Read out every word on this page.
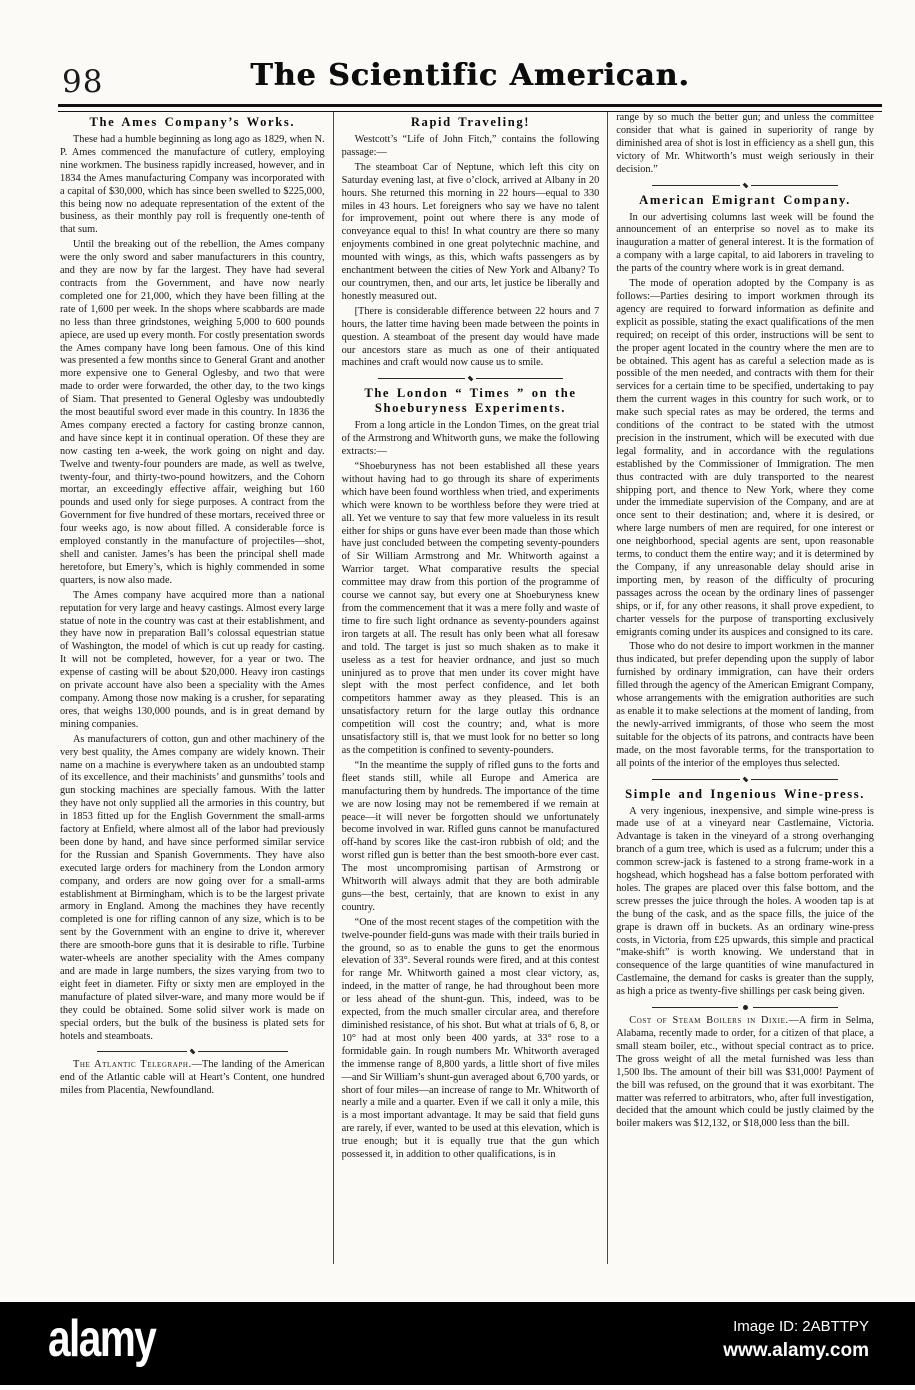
98	The Scientific American.
The Ames Company’s Works.

These had a humble beginning as long ago as 1829, when N. P. Ames commenced the manufacture of cutlery, employing nine workmen. The business rapidly increased, however, and in 1834 the Ames manufacturing Company was incorporated with a capital of $30,000, which has since been swelled to $225,000, this being now no adequate representation of the extent of the business, as their monthly pay roll is frequently one-tenth of that sum.

Until the breaking out of the rebellion, the Ames company were the only sword and saber manufacturers in this country, and they are now by far the largest. They have had several contracts from the Government, and have now nearly completed one for 21,000, which they have been filling at the rate of 1,600 per week. In the shops where scabbards are made no less than three grindstones, weighing 5,000 to 600 pounds apiece, are used up every month. For costly presentation swords the Ames company have long been famous. One of this kind was presented a few months since to General Grant and another more expensive one to General Oglesby, and two that were made to order were forwarded, the other day, to the two kings of Siam. That presented to General Oglesby was undoubtedly the most beautiful sword ever made in this country. In 1836 the Ames company erected a factory for casting bronze cannon, and have since kept it in continual operation. Of these they are now casting ten a-week, the work going on night and day. Twelve and twenty-four pounders are made, as well as twelve, twenty-four, and thirty-two-pound howitzers, and the Cohorn mortar, an exceedingly effective affair, weighing but 160 pounds and used only for siege purposes. A contract from the Government for five hundred of these mortars, received three or four weeks ago, is now about filled. A considerable force is employed constantly in the manufacture of projectiles—shot, shell and canister. James’s has been the principal shell made heretofore, but Emery’s, which is highly commended in some quarters, is now also made.

The Ames company have acquired more than a national reputation for very large and heavy castings. Almost every large statue of note in the country was cast at their establishment, and they have now in preparation Ball’s colossal equestrian statue of Washington, the model of which is cut up ready for casting. It will not be completed, however, for a year or two. The expense of casting will be about $20,000. Heavy iron castings on private account have also been a speciality with the Ames company. Among those now making is a crusher, for separating ores, that weighs 130,000 pounds, and is in great demand by mining companies.

As manufacturers of cotton, gun and other machinery of the very best quality, the Ames company are widely known. Their name on a machine is everywhere taken as an undoubted stamp of its excellence, and their machinists’ and gunsmiths’ tools and gun stocking machines are specially famous. With the latter they have not only supplied all the armories in this country, but in 1853 fitted up for the English Government the small-arms factory at Enfield, where almost all of the labor had previously been done by hand, and have since performed similar service for the Russian and Spanish Governments. They have also executed large orders for machinery from the London armory company, and orders are now going over for a small-arms establishment at Birmingham, which is to be the largest private armory in England. Among the machines they have recently completed is one for rifling cannon of any size, which is to be sent by the Government with an engine to drive it, wherever there are smooth-bore guns that it is desirable to rifle. Turbine water-wheels are another speciality with the Ames company and are made in large numbers, the sizes varying from two to eight feet in diameter. Fifty or sixty men are employed in the manufacture of plated silver-ware, and many more would be if they could be obtained. Some solid silver work is made on special orders, but the bulk of the business is plated sets for hotels and steamboats.

The Atlantic Telegraph.—The landing of the American end of the Atlantic cable will at Heart’s Content, one hundred miles from Placentia, Newfoundland.

Rapid Traveling!

Westcott’s “Life of John Fitch,” contains the following passage:—

The steamboat Car of Neptune, which left this city on Saturday evening last, at five o’clock, arrived at Albany in 20 hours. She returned this morning in 22 hours—equal to 330 miles in 43 hours. Let foreigners who say we have no talent for improvement, point out where there is any mode of conveyance equal to this! In what country are there so many enjoyments combined in one great polytechnic machine, and mounted with wings, as this, which wafts passengers as by enchantment between the cities of New York and Albany? To our countrymen, then, and our arts, let justice be liberally and honestly measured out.

[There is considerable difference between 22 hours and 7 hours, the latter time having been made between the points in question. A steamboat of the present day would have made our ancestors stare as much as one of their antiquated machines and craft would now cause us to smile.

The London “ Times ” on the Shoeburyness Experiments.

From a long article in the London Times, on the great trial of the Armstrong and Whitworth guns, we make the following extracts:—

“Shoeburyness has not been established all these years without having had to go through its share of experiments which have been found worthless when tried, and experiments which were known to be worthless before they were tried at all. Yet we venture to say that few more valueless in its result either for ships or guns have ever been made than those which have just concluded between the competing seventy-pounders of Sir William Armstrong and Mr. Whitworth against a Warrior target. What comparative results the special committee may draw from this portion of the programme of course we cannot say, but every one at Shoeburyness knew from the commencement that it was a mere folly and waste of time to fire such light ordnance as seventy-pounders against iron targets at all. The result has only been what all foresaw and told. The target is just so much shaken as to make it useless as a test for heavier ordnance, and just so much uninjured as to prove that men under its cover might have slept with the most perfect confidence, and let both competitors hammer away as they pleased. This is an unsatisfactory return for the large outlay this ordnance competition will cost the country; and, what is more unsatisfactory still is, that we must look for no better so long as the competition is confined to seventy-pounders.

“In the meantime the supply of rifled guns to the forts and fleet stands still, while all Europe and America are manufacturing them by hundreds. The importance of the time we are now losing may not be remembered if we remain at peace—it will never be forgotten should we unfortunately become involved in war. Rifled guns cannot be manufactured off-hand by scores like the cast-iron rubbish of old; and the worst rifled gun is better than the best smooth-bore ever cast. The most uncompromising partisan of Armstrong or Whitworth will always admit that they are both admirable guns—the best, certainly, that are known to exist in any country.

“One of the most recent stages of the competition with the twelve-pounder field-guns was made with their trails buried in the ground, so as to enable the guns to get the enormous elevation of 33°. Several rounds were fired, and at this contest for range Mr. Whitworth gained a most clear victory, as, indeed, in the matter of range, he had throughout been more or less ahead of the shunt-gun. This, indeed, was to be expected, from the much smaller circular area, and therefore diminished resistance, of his shot. But what at trials of 6, 8, or 10° had at most only been 400 yards, at 33° rose to a formidable gain. In rough numbers Mr. Whitworth averaged the immense range of 8,800 yards, a little short of five miles—and Sir William’s shunt-gun averaged about 6,700 yards, or short of four miles—an increase of range to Mr. Whitworth of nearly a mile and a quarter. Even if we call it only a mile, this is a most important advantage. It may be said that field guns are rarely, if ever, wanted to be used at this elevation, which is true enough; but it is equally true that the gun which possessed it, in addition to other qualifications, is in

range by so much the better gun; and unless the committee consider that what is gained in superiority of range by diminished area of shot is lost in efficiency as a shell gun, this victory of Mr. Whitworth’s must weigh seriously in their decision.”

American Emigrant Company.

In our advertising columns last week will be found the announcement of an enterprise so novel as to make its inauguration a matter of general interest. It is the formation of a company with a large capital, to aid laborers in traveling to the parts of the country where work is in great demand.

The mode of operation adopted by the Company is as follows:—Parties desiring to import workmen through its agency are required to forward information as definite and explicit as possible, stating the exact qualifications of the men required; on receipt of this order, instructions will be sent to the proper agent located in the country where the men are to be obtained. This agent has as careful a selection made as is possible of the men needed, and contracts with them for their services for a certain time to be specified, undertaking to pay them the current wages in this country for such work, or to make such special rates as may be ordered, the terms and conditions of the contract to be stated with the utmost precision in the instrument, which will be executed with due legal formality, and in accordance with the regulations established by the Commissioner of Immigration. The men thus contracted with are duly transported to the nearest shipping port, and thence to New York, where they come under the immediate supervision of the Company, and are at once sent to their destination; and, where it is desired, or where large numbers of men are required, for one interest or one neighborhood, special agents are sent, upon reasonable terms, to conduct them the entire way; and it is determined by the Company, if any unreasonable delay should arise in importing men, by reason of the difficulty of procuring passages across the ocean by the ordinary lines of passenger ships, or if, for any other reasons, it shall prove expedient, to charter vessels for the purpose of transporting exclusively emigrants coming under its auspices and consigned to its care.

Those who do not desire to import workmen in the manner thus indicated, but prefer depending upon the supply of labor furnished by ordinary immigration, can have their orders filled through the agency of the American Emigrant Company, whose arrangements with the emigration authorities are such as enable it to make selections at the moment of landing, from the newly-arrived immigrants, of those who seem the most suitable for the objects of its patrons, and contracts have been made, on the most favorable terms, for the transportation to all points of the interior of the employes thus selected.

Simple and Ingenious Wine-press.

A very ingenious, inexpensive, and simple wine-press is made use of at a vineyard near Castlemaine, Victoria. Advantage is taken in the vineyard of a strong overhanging branch of a gum tree, which is used as a fulcrum; under this a common screw-jack is fastened to a strong frame-work in a hogshead, which hogshead has a false bottom perforated with holes. The grapes are placed over this false bottom, and the screw presses the juice through the holes. A wooden tap is at the bung of the cask, and as the space fills, the juice of the grape is drawn off in buckets. As an ordinary wine-press costs, in Victoria, from £25 upwards, this simple and practical “make-shift” is worth knowing. We understand that in consequence of the large quantities of wine manufactured in Castlemaine, the demand for casks is greater than the supply, as high a price as twenty-five shillings per cask being given.

Cost of Steam Boilers in Dixie.—A firm in Selma, Alabama, recently made to order, for a citizen of that place, a small steam boiler, etc., without special contract as to price. The gross weight of all the metal furnished was less than 1,500 lbs. The amount of their bill was $31,000! Payment of the bill was refused, on the ground that it was exorbitant. The matter was referred to arbitrators, who, after full investigation, decided that the amount which could be justly claimed by the boiler makers was $12,132, or $18,000 less than the bill.

alamy	Image ID: 2ABTTPY
www.alamy.com
